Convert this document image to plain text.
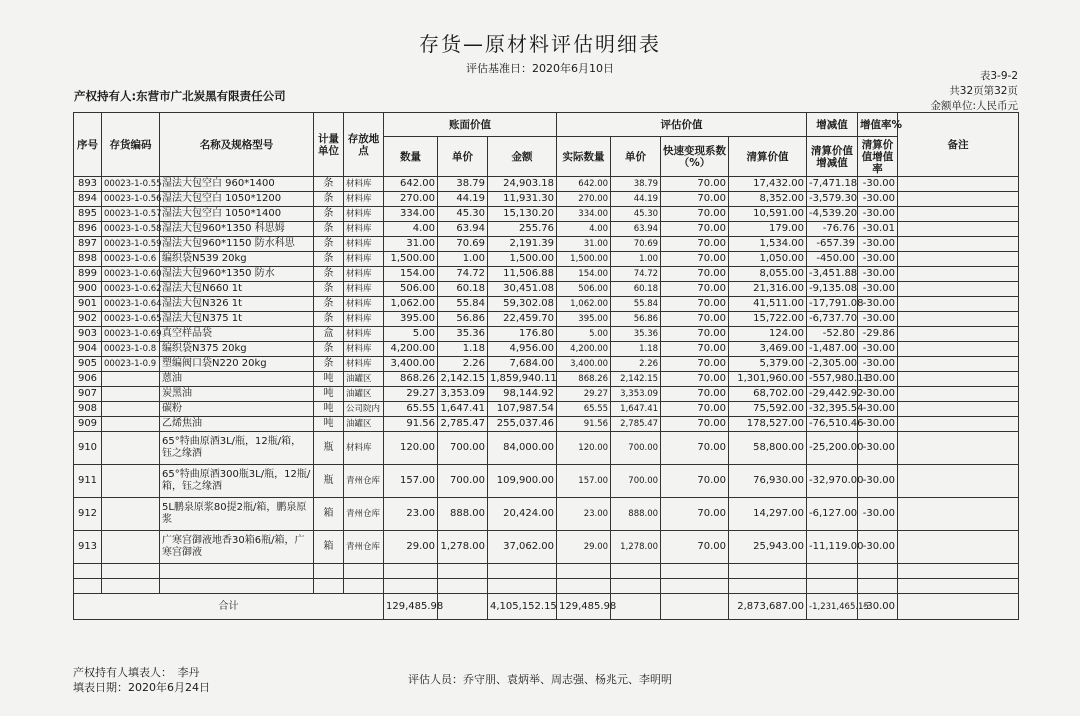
存货—原材料评估明细表
评估基准日：2020年6月10日
产权持有人:东营市广北炭黑有限责任公司
表3-9-2
共32页第32页
金额单位:人民币元
序号	存货编码	名称及规格型号	计量单位	存放地点	账面价值			评估价值				增减值	增值率%	备注
					数量	单价	金额	实际数量	单价	快速变现系数（%）	清算价值	清算价值增减值	清算价值增值率	
893	00023-1-0.55	湿法大包空白 960*1400	条	材料库	642.00	38.79	24,903.18	642.00	38.79	70.00	17,432.00	-7,471.18	-30.00	
894	00023-1-0.56	湿法大包空白 1050*1200	条	材料库	270.00	44.19	11,931.30	270.00	44.19	70.00	8,352.00	-3,579.30	-30.00	
895	00023-1-0.57	湿法大包空白 1050*1400	条	材料库	334.00	45.30	15,130.20	334.00	45.30	70.00	10,591.00	-4,539.20	-30.00	
896	00023-1-0.58	湿法大包960*1350 科思姆	条	材料库	4.00	63.94	255.76	4.00	63.94	70.00	179.00	-76.76	-30.01	
897	00023-1-0.59	湿法大包960*1150 防水科思	条	材料库	31.00	70.69	2,191.39	31.00	70.69	70.00	1,534.00	-657.39	-30.00	
898	00023-1-0.6	编织袋N539 20kg	条	材料库	1,500.00	1.00	1,500.00	1,500.00	1.00	70.00	1,050.00	-450.00	-30.00	
899	00023-1-0.60	湿法大包960*1350 防水	条	材料库	154.00	74.72	11,506.88	154.00	74.72	70.00	8,055.00	-3,451.88	-30.00	
900	00023-1-0.62	湿法大包N660 1t	条	材料库	506.00	60.18	30,451.08	506.00	60.18	70.00	21,316.00	-9,135.08	-30.00	
901	00023-1-0.64	湿法大包N326 1t	条	材料库	1,062.00	55.84	59,302.08	1,062.00	55.84	70.00	41,511.00	-17,791.08	-30.00	
902	00023-1-0.65	湿法大包N375 1t	条	材料库	395.00	56.86	22,459.70	395.00	56.86	70.00	15,722.00	-6,737.70	-30.00	
903	00023-1-0.69	真空样品袋	盒	材料库	5.00	35.36	176.80	5.00	35.36	70.00	124.00	-52.80	-29.86	
904	00023-1-0.8	编织袋N375 20kg	条	材料库	4,200.00	1.18	4,956.00	4,200.00	1.18	70.00	3,469.00	-1,487.00	-30.00	
905	00023-1-0.9	塑编阀口袋N220 20kg	条	材料库	3,400.00	2.26	7,684.00	3,400.00	2.26	70.00	5,379.00	-2,305.00	-30.00	
906		蒽油	吨	油罐区	868.26	2,142.15	1,859,940.11	868.26	2,142.15	70.00	1,301,960.00	-557,980.11	-30.00	
907		炭黑油	吨	油罐区	29.27	3,353.09	98,144.92	29.27	3,353.09	70.00	68,702.00	-29,442.92	-30.00	
908		碳粉	吨	公司院内	65.55	1,647.41	107,987.54	65.55	1,647.41	70.00	75,592.00	-32,395.54	-30.00	
909		乙烯焦油	吨	油罐区	91.56	2,785.47	255,037.46	91.56	2,785.47	70.00	178,527.00	-76,510.46	-30.00	
910		65°特曲原酒3L/瓶，12瓶/箱，钰之缘酒	瓶	材料库	120.00	700.00	84,000.00	120.00	700.00	70.00	58,800.00	-25,200.00	-30.00	
911		65°特曲原酒300瓶3L/瓶，12瓶/箱，钰之缘酒	瓶	青州仓库	157.00	700.00	109,900.00	157.00	700.00	70.00	76,930.00	-32,970.00	-30.00	
912		5L鹏泉原浆80提2瓶/箱，鹏泉原浆	箱	青州仓库	23.00	888.00	20,424.00	23.00	888.00	70.00	14,297.00	-6,127.00	-30.00	
913		广寒宫御液地香30箱6瓶/箱，广寒宫御液	箱	青州仓库	29.00	1,278.00	37,062.00	29.00	1,278.00	70.00	25,943.00	-11,119.00	-30.00	

合计					129,485.98		4,105,152.15	129,485.98			2,873,687.00	-1,231,465.15	-30.00	
产权持有人填表人：　李丹
填表日期：2020年6月24日
评估人员：乔守朋、袁炳举、周志强、杨兆元、李明明
